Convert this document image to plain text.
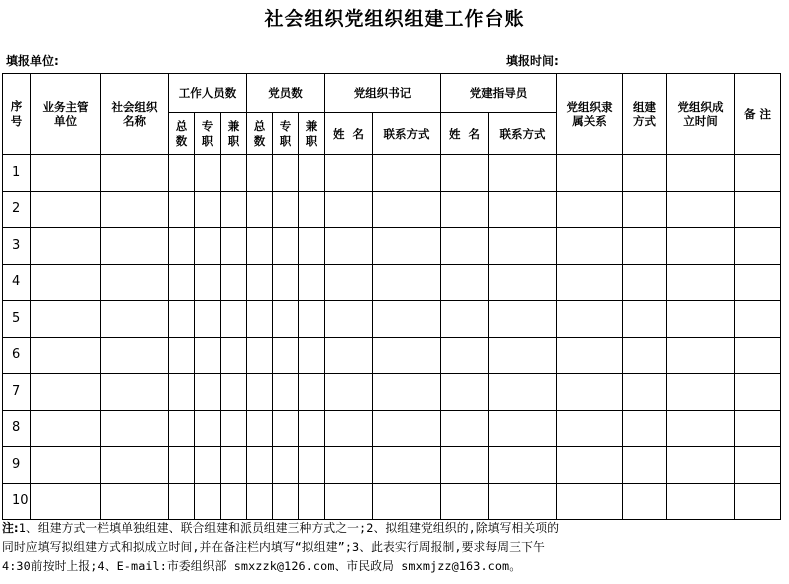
社会组织党组织组建工作台账
填报单位:	填报时间:
序号	业务主管单位	社会组织名称	工作人员数			党员数			党组织书记		党建指导员		党组织隶属关系	组建方式	党组织成立时间	备 注
			总数	专职	兼职	总数	专职	兼职	姓  名	联系方式	姓  名	联系方式				
1																
2																
3																
4																
5																
6																
7																
8																
9																
10																
注:1、组建方式一栏填单独组建、联合组建和派员组建三种方式之一;2、拟组建党组织的,除填写相关项的
同时应填写拟组建方式和拟成立时间,并在备注栏内填写“拟组建”;3、此表实行周报制,要求每周三下午
4:30前按时上报;4、E-mail:市委组织部 smxzzk@126.com、市民政局 smxmjzz@163.com。
